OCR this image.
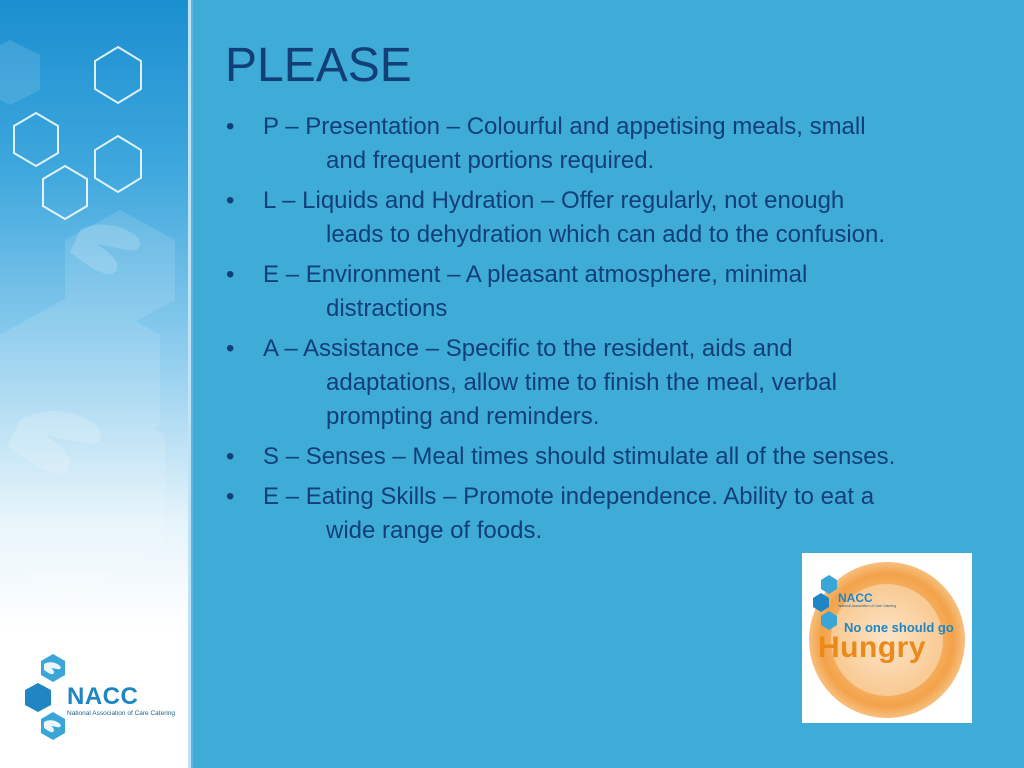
NACC
National Association of Care Catering
PLEASE
• P – Presentation – Colourful and appetising meals, small
and frequent portions required.
• L – Liquids and Hydration – Offer regularly, not enough
leads to dehydration which can add to the confusion.
• E – Environment – A pleasant atmosphere, minimal
distractions
• A – Assistance – Specific to the resident, aids and
adaptations, allow time to finish the meal, verbal
prompting and reminders.
• S – Senses – Meal times should stimulate all of the senses.
• E – Eating Skills – Promote independence. Ability to eat a
wide range of foods.
NACC
National Association of Care Catering
No one should go
Hungry
